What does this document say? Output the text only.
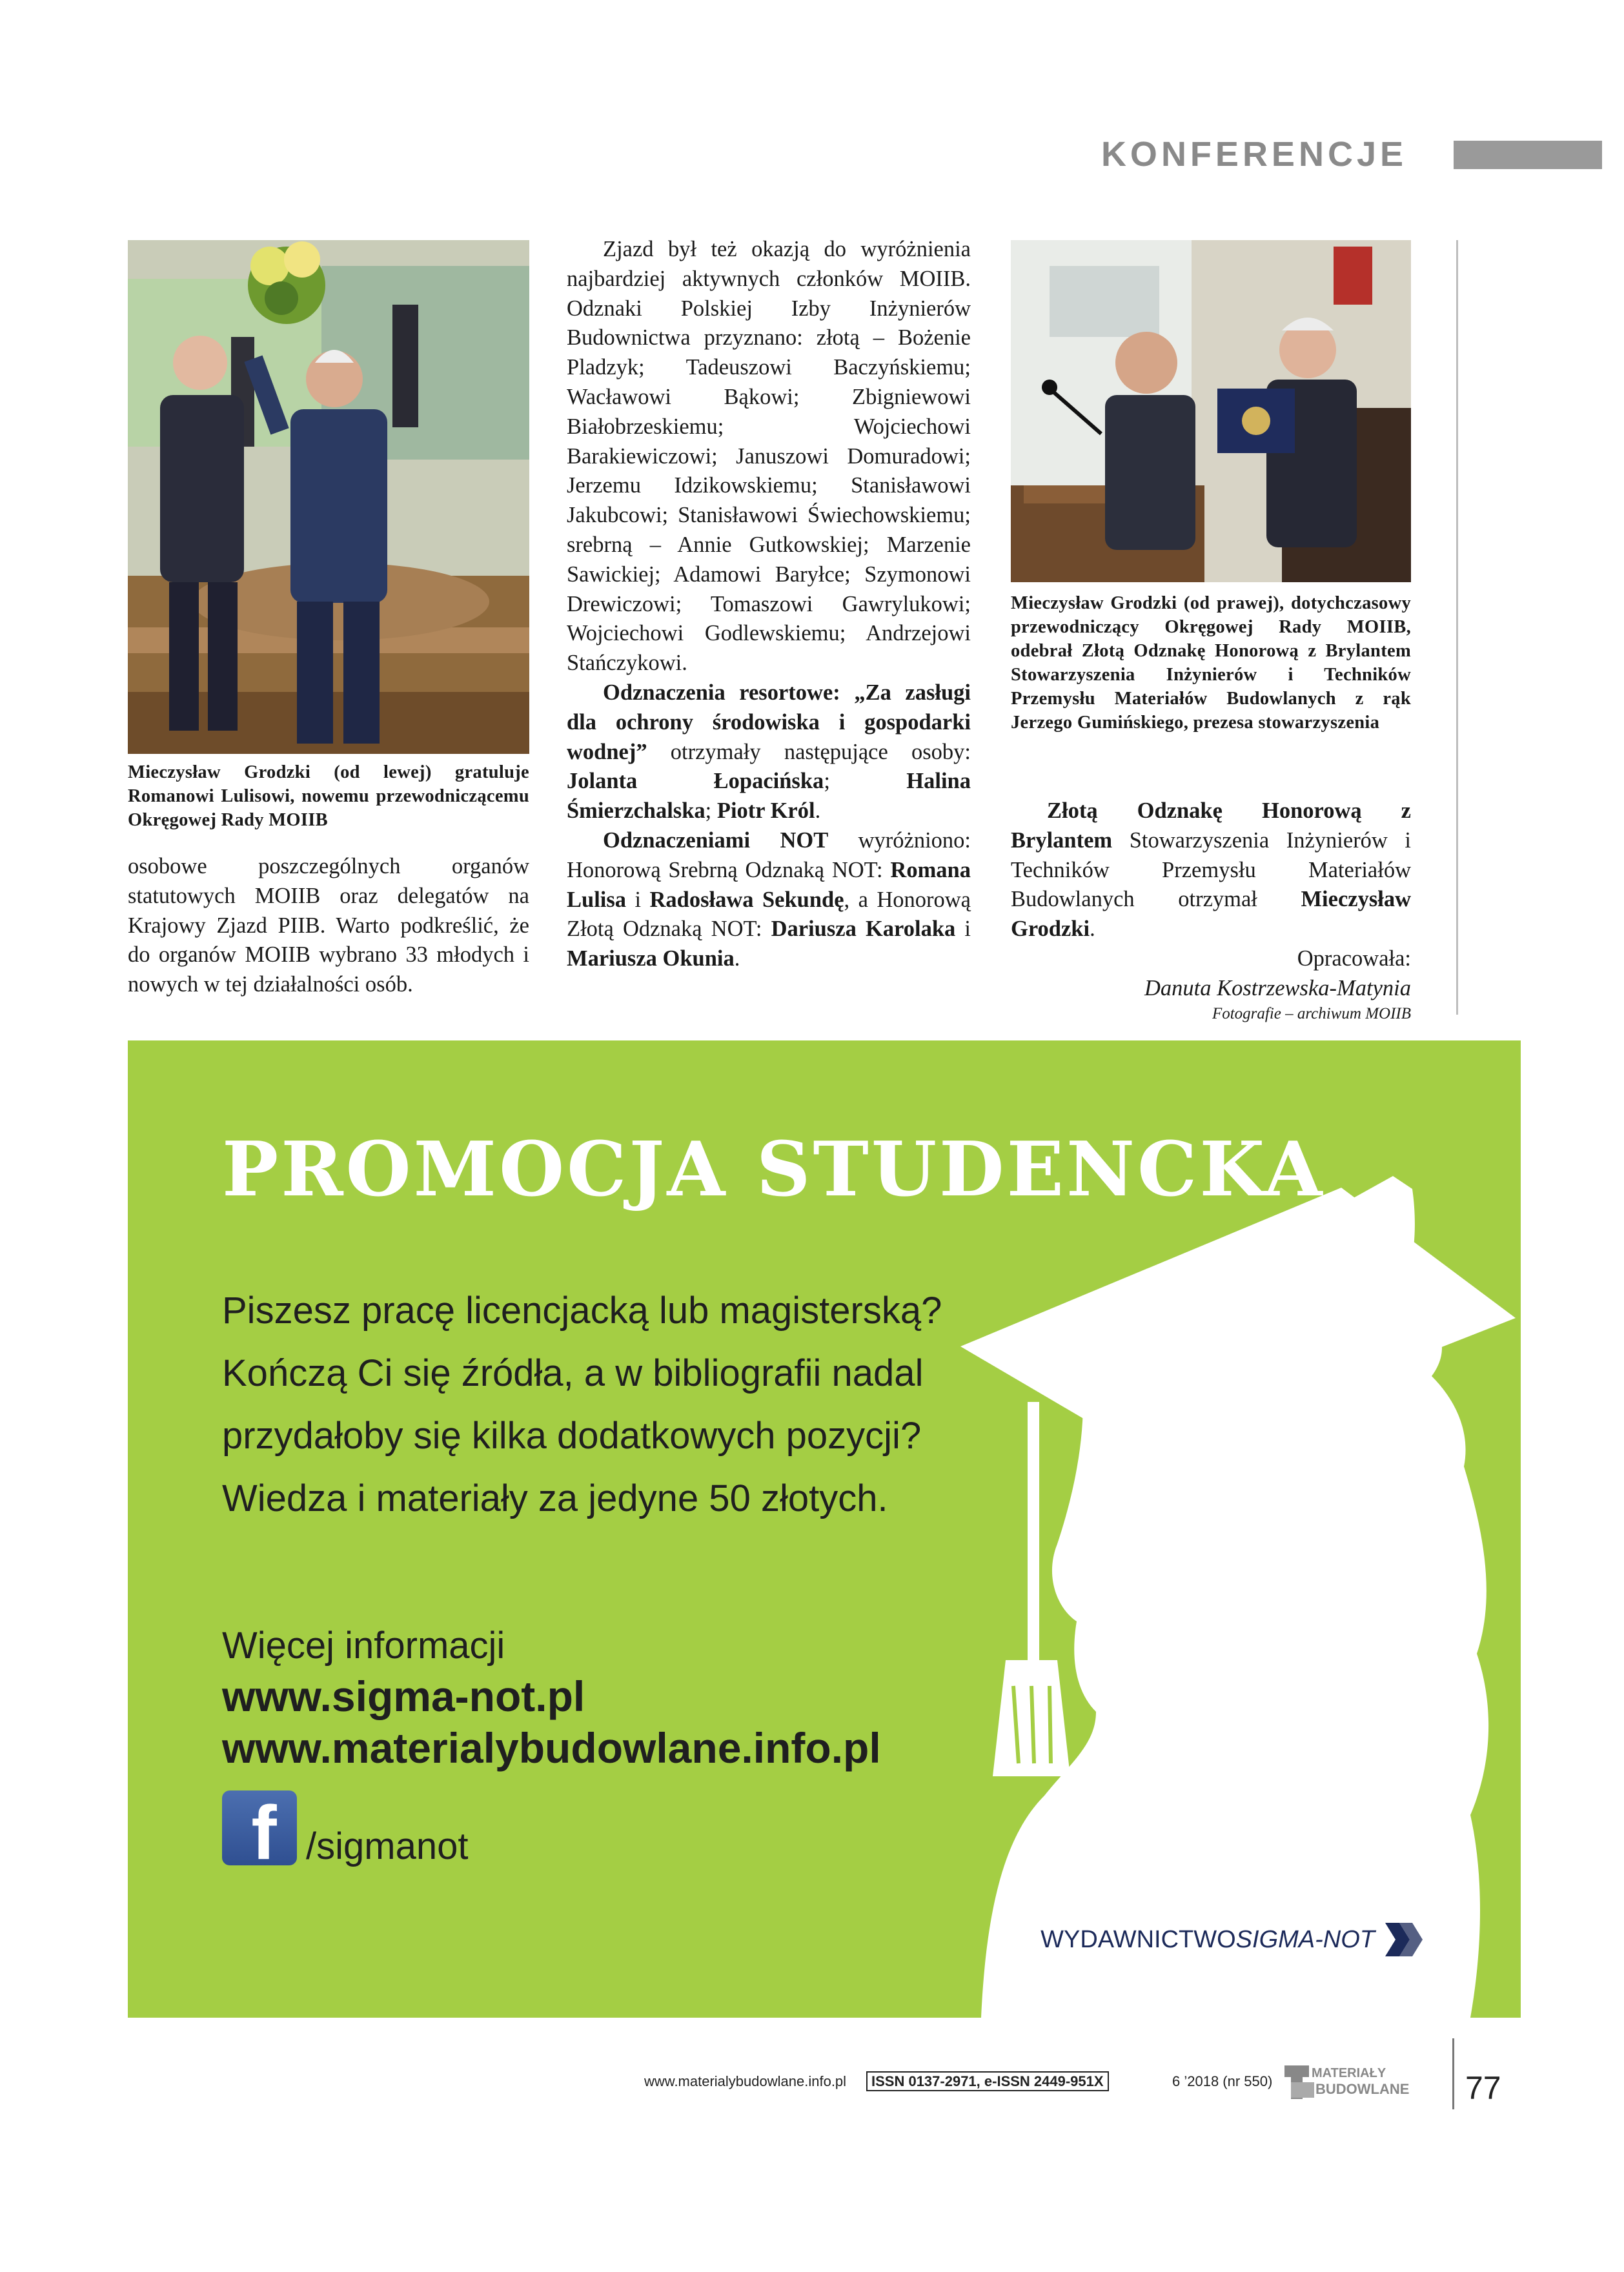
KONFERENCJE
Mieczysław Grodzki (od lewej) gratuluje Romanowi Lulisowi, nowemu przewodniczącemu Okręgowej Rady MOIIB

osobowe poszczególnych organów statutowych MOIIB oraz delegatów na Krajowy Zjazd PIIB. Warto podkreślić, że do organów MOIIB wybrano 33 młodych i nowych w tej działalności osób.

Zjazd był też okazją do wyróżnienia najbardziej aktywnych członków MOIIB. Odznaki Polskiej Izby Inżynierów Budownictwa przyznano: złotą – Bożenie Pladzyk; Tadeuszowi Baczyńskiemu; Wacławowi Bąkowi; Zbigniewowi Białobrzeskiemu; Wojciechowi Barakiewiczowi; Januszowi Domuradowi; Jerzemu Idzikowskiemu; Stanisławowi Jakubcowi; Stanisławowi Świechowskiemu; srebrną – Annie Gutkowskiej; Marzenie Sawickiej; Adamowi Baryłce; Szymonowi Drewiczowi; Tomaszowi Gawrylukowi; Wojciechowi Godlewskiemu; Andrzejowi Stańczykowi.

Odznaczenia resortowe: „Za zasługi dla ochrony środowiska i gospodarki wodnej” otrzymały następujące osoby: Jolanta Łopacińska; Halina Śmierzchalska; Piotr Król.

Odznaczeniami NOT wyróżniono: Honorową Srebrną Odznaką NOT: Romana Lulisa i Radosława Sekundę, a Honorową Złotą Odznaką NOT: Dariusza Karolaka i Mariusza Okunia.

Mieczysław Grodzki (od prawej), dotychczasowy przewodniczący Okręgowej Rady MOIIB, odebrał Złotą Odznakę Honorową z Brylantem Stowarzyszenia Inżynierów i Techników Przemysłu Materiałów Budowlanych z rąk Jerzego Gumińskiego, prezesa stowarzyszenia

Złotą Odznakę Honorową z Brylantem Stowarzyszenia Inżynierów i Techników Przemysłu Materiałów Budowlanych otrzymał Mieczysław Grodzki.

Opracowała:

Danuta Kostrzewska-Matynia

Fotografie – archiwum MOIIB

PROMOCJA STUDENCKA
Piszesz pracę licencjacką lub magisterską?
Kończą Ci się źródła, a w bibliografii nadal
przydałoby się kilka dodatkowych pozycji?
Wiedza i materiały za jedyne 50 złotych.
Więcej informacji
www.sigma-not.pl
www.materialybudowlane.info.pl
f /sigmanot
WYDAWNICTWO SIGMA-NOT
www.materialybudowlane.info.pl	ISSN 0137-2971, e-ISSN 2449-951X	6 ’2018 (nr 550)	MATERIAŁY
BUDOWLANE 77
